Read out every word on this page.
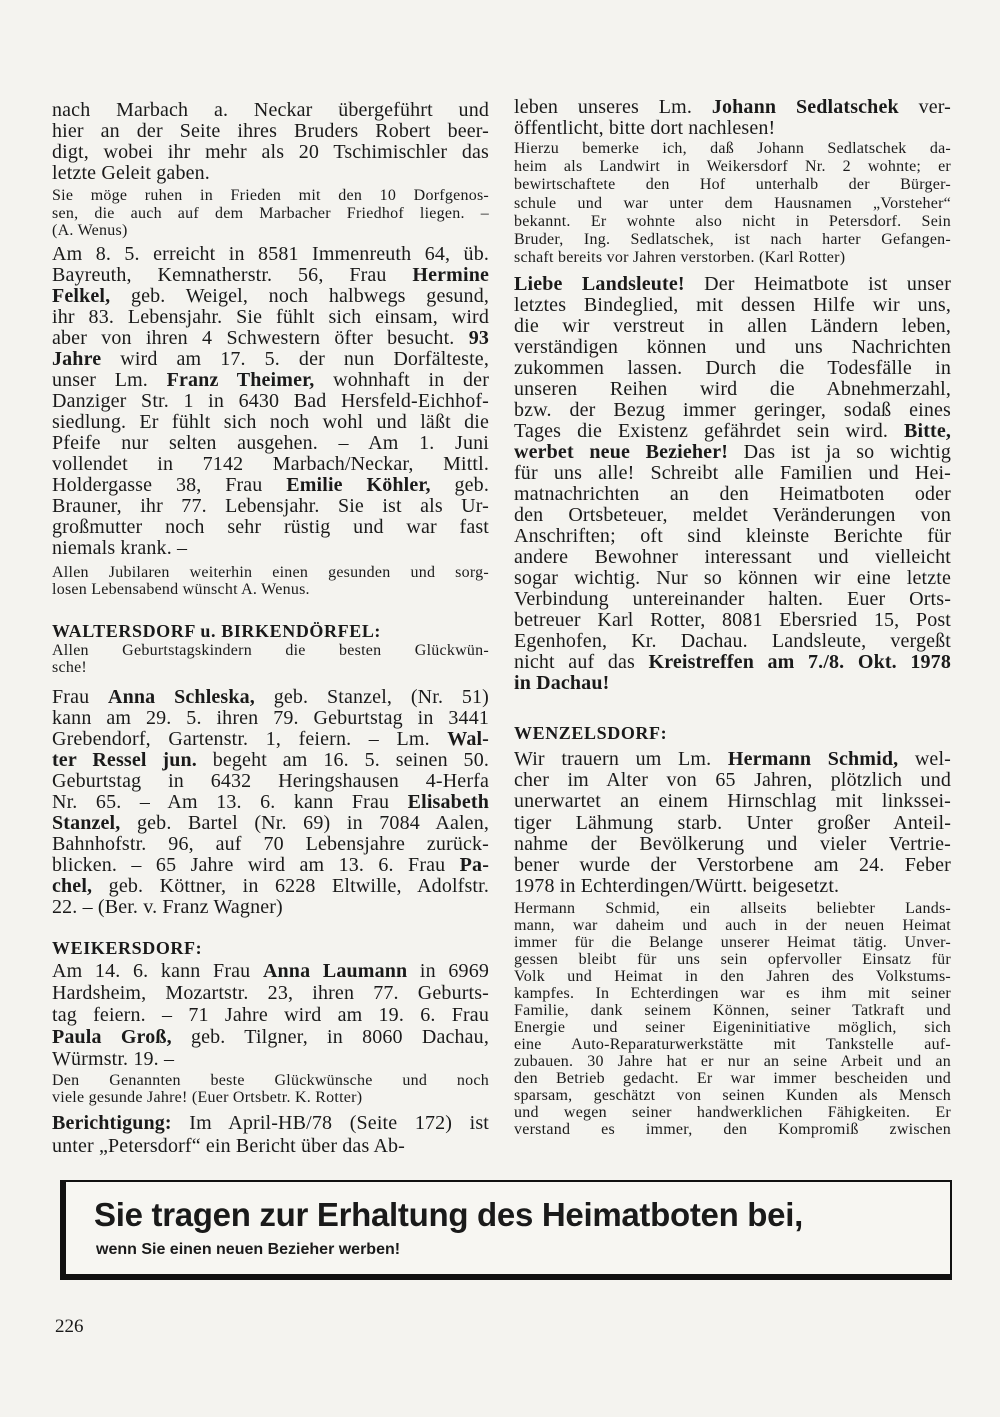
nach Marbach a. Neckar übergeführt und
hier an der Seite ihres Bruders Robert beer-
digt, wobei ihr mehr als 20 Tschimischler das
letzte Geleit gaben.
Sie möge ruhen in Frieden mit den 10 Dorfgenos-
sen, die auch auf dem Marbacher Friedhof liegen. –
(A. Wenus)
Am 8. 5. erreicht in 8581 Immenreuth 64, üb.
Bayreuth, Kemnatherstr. 56, Frau Hermine
Felkel, geb. Weigel, noch halbwegs gesund,
ihr 83. Lebensjahr. Sie fühlt sich einsam, wird
aber von ihren 4 Schwestern öfter besucht. 93
Jahre wird am 17. 5. der nun Dorfälteste,
unser Lm. Franz Theimer, wohnhaft in der
Danziger Str. 1 in 6430 Bad Hersfeld-Eichhof-
siedlung. Er fühlt sich noch wohl und läßt die
Pfeife nur selten ausgehen. – Am 1. Juni
vollendet in 7142 Marbach/Neckar, Mittl.
Holdergasse 38, Frau Emilie Köhler, geb.
Brauner, ihr 77. Lebensjahr. Sie ist als Ur-
großmutter noch sehr rüstig und war fast
niemals krank. –
Allen Jubilaren weiterhin einen gesunden und sorg-
losen Lebensabend wünscht A. Wenus.
WALTERSDORF u. BIRKENDÖRFEL:
Allen Geburtstagskindern die besten Glückwün-
sche!
Frau Anna Schleska, geb. Stanzel, (Nr. 51)
kann am 29. 5. ihren 79. Geburtstag in 3441
Grebendorf, Gartenstr. 1, feiern. – Lm. Wal-
ter Ressel jun. begeht am 16. 5. seinen 50.
Geburtstag in 6432 Heringshausen 4-Herfa
Nr. 65. – Am 13. 6. kann Frau Elisabeth
Stanzel, geb. Bartel (Nr. 69) in 7084 Aalen,
Bahnhofstr. 96, auf 70 Lebensjahre zurück-
blicken. – 65 Jahre wird am 13. 6. Frau Pa-
chel, geb. Köttner, in 6228 Eltwille, Adolfstr.
22. – (Ber. v. Franz Wagner)
WEIKERSDORF:
Am 14. 6. kann Frau Anna Laumann in 6969
Hardsheim, Mozartstr. 23, ihren 77. Geburts-
tag feiern. – 71 Jahre wird am 19. 6. Frau
Paula Groß, geb. Tilgner, in 8060 Dachau,
Würmstr. 19. –
Den Genannten beste Glückwünsche und noch
viele gesunde Jahre! (Euer Ortsbetr. K. Rotter)
Berichtigung: Im April-HB/78 (Seite 172) ist
unter „Petersdorf“ ein Bericht über das Ab-
leben unseres Lm. Johann Sedlatschek ver-
öffentlicht, bitte dort nachlesen!
Hierzu bemerke ich, daß Johann Sedlatschek da-
heim als Landwirt in Weikersdorf Nr. 2 wohnte; er
bewirtschaftete den Hof unterhalb der Bürger-
schule und war unter dem Hausnamen „Vorsteher“
bekannt. Er wohnte also nicht in Petersdorf. Sein
Bruder, Ing. Sedlatschek, ist nach harter Gefangen-
schaft bereits vor Jahren verstorben. (Karl Rotter)
Liebe Landsleute! Der Heimatbote ist unser
letztes Bindeglied, mit dessen Hilfe wir uns,
die wir verstreut in allen Ländern leben,
verständigen können und uns Nachrichten
zukommen lassen. Durch die Todesfälle in
unseren Reihen wird die Abnehmerzahl,
bzw. der Bezug immer geringer, sodaß eines
Tages die Existenz gefährdet sein wird. Bitte,
werbet neue Bezieher! Das ist ja so wichtig
für uns alle! Schreibt alle Familien und Hei-
matnachrichten an den Heimatboten oder
den Ortsbeteuer, meldet Veränderungen von
Anschriften; oft sind kleinste Berichte für
andere Bewohner interessant und vielleicht
sogar wichtig. Nur so können wir eine letzte
Verbindung untereinander halten. Euer Orts-
betreuer Karl Rotter, 8081 Ebersried 15, Post
Egenhofen, Kr. Dachau. Landsleute, vergeßt
nicht auf das Kreistreffen am 7./8. Okt. 1978
in Dachau!
WENZELSDORF:
Wir trauern um Lm. Hermann Schmid, wel-
cher im Alter von 65 Jahren, plötzlich und
unerwartet an einem Hirnschlag mit linksseі-
tiger Lähmung starb. Unter großer Anteil-
nahme der Bevölkerung und vieler Vertrie-
bener wurde der Verstorbene am 24. Feber
1978 in Echterdingen/Württ. beigesetzt.
Hermann Schmid, ein allseits beliebter Lands-
mann, war daheim und auch in der neuen Heimat
immer für die Belange unserer Heimat tätig. Unver-
gessen bleibt für uns sein opfervoller Einsatz für
Volk und Heimat in den Jahren des Volkstums-
kampfes. In Echterdingen war es ihm mit seiner
Familie, dank seinem Können, seiner Tatkraft und
Energie und seiner Eigeninitiative möglich, sich
eine Auto-Reparaturwerkstätte mit Tankstelle auf-
zubauen. 30 Jahre hat er nur an seine Arbeit und an
den Betrieb gedacht. Er war immer bescheiden und
sparsam, geschätzt von seinen Kunden als Mensch
und wegen seiner handwerklichen Fähigkeiten. Er
verstand es immer, den Kompromiß zwischen
Sie tragen zur Erhaltung des Heimatboten bei,
wenn Sie einen neuen Bezieher werben!
226
